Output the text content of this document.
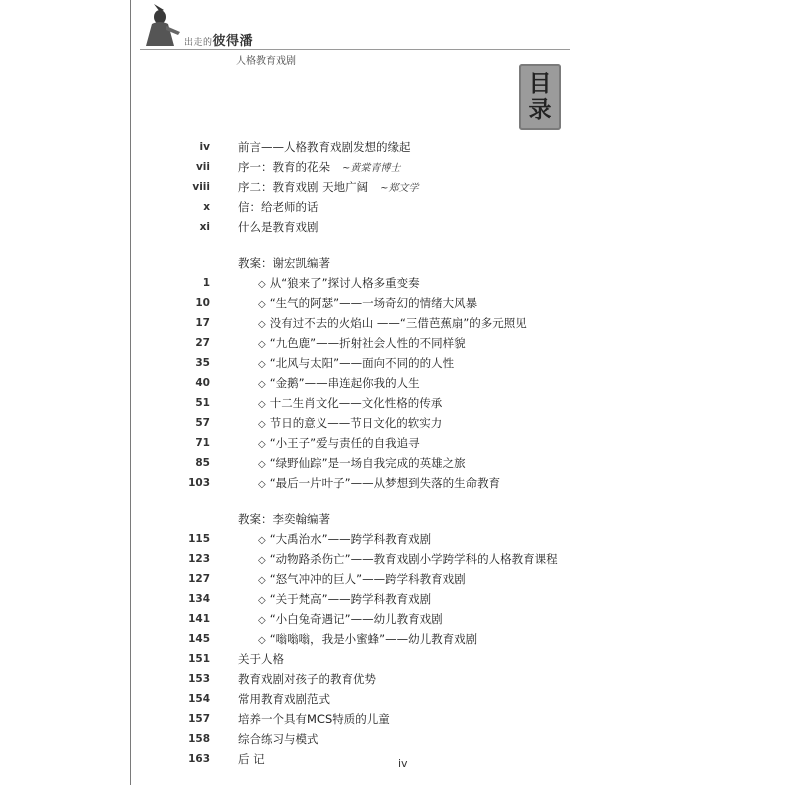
出走的彼得潘
人格教育戏剧
目
录
iv 前言——人格教育戏剧发想的缘起
vii 序一：教育的花朵 ~黄棠青博士
viii 序二：教育戏剧 天地广阔 ~郑文学
x 信：给老师的话
xi 什么是教育戏剧
教案：谢宏凯编著
1	◇ 从“狼来了”探讨人格多重变奏
10	◇ “生气的阿瑟”——一场奇幻的情绪大风暴
17	◇ 没有过不去的火焰山 ——“三借芭蕉扇”的多元照见
27	◇ “九色鹿”——折射社会人性的不同样貌
35	◇ “北风与太阳”——面向不同的的人性
40	◇ “金鹅”——串连起你我的人生
51	◇ 十二生肖文化——文化性格的传承
57	◇ 节日的意义——节日文化的软实力
71	◇ “小王子”爱与责任的自我追寻
85	◇ “绿野仙踪”是一场自我完成的英雄之旅
103	◇ “最后一片叶子”——从梦想到失落的生命教育
教案：李奕翰编著
115	◇ “大禹治水”——跨学科教育戏剧
123	◇ “动物路杀伤亡”——教育戏剧小学跨学科的人格教育课程
127	◇ “怒气冲冲的巨人”——跨学科教育戏剧
134	◇ “关于梵高”——跨学科教育戏剧
141	◇ “小白兔奇遇记”——幼儿教育戏剧
145	◇ “嗡嗡嗡，我是小蜜蜂”——幼儿教育戏剧
151 关于人格
153 教育戏剧对孩子的教育优势
154 常用教育戏剧范式
157 培养一个具有MCS特质的儿童
158 综合练习与模式
163 后 记	iv
